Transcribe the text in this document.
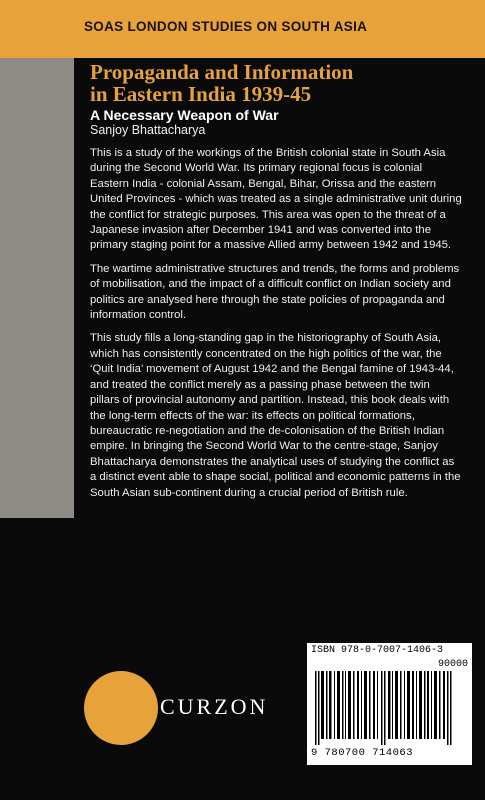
SOAS LONDON STUDIES ON SOUTH ASIA
Propaganda and Information
in Eastern India 1939-45
A Necessary Weapon of War
Sanjoy Bhattacharya

This is a study of the workings of the British colonial state in South Asia during the Second World War. Its primary regional focus is colonial Eastern India - colonial Assam, Bengal, Bihar, Orissa and the eastern United Provinces - which was treated as a single administrative unit during the conflict for strategic purposes. This area was open to the threat of a Japanese invasion after December 1941 and was converted into the primary staging point for a massive Allied army between 1942 and 1945.

The wartime administrative structures and trends, the forms and problems of mobilisation, and the impact of a difficult conflict on Indian society and politics are analysed here through the state policies of propaganda and information control.

This study fills a long-standing gap in the historiography of South Asia, which has consistently concentrated on the high politics of the war, the ‘Quit India’ movement of August 1942 and the Bengal famine of 1943-44, and treated the conflict merely as a passing phase between the twin pillars of provincial autonomy and partition. Instead, this book deals with the long-term effects of the war: its effects on political formations, bureaucratic re-negotiation and the de-colonisation of the British Indian empire. In bringing the Second World War to the centre-stage, Sanjoy Bhattacharya demonstrates the analytical uses of studying the conflict as a distinct event able to shape social, political and economic patterns in the South Asian sub-continent during a crucial period of British rule.

CURZON
ISBN 978-0-7007-1406-3
90000
9 780700 714063
